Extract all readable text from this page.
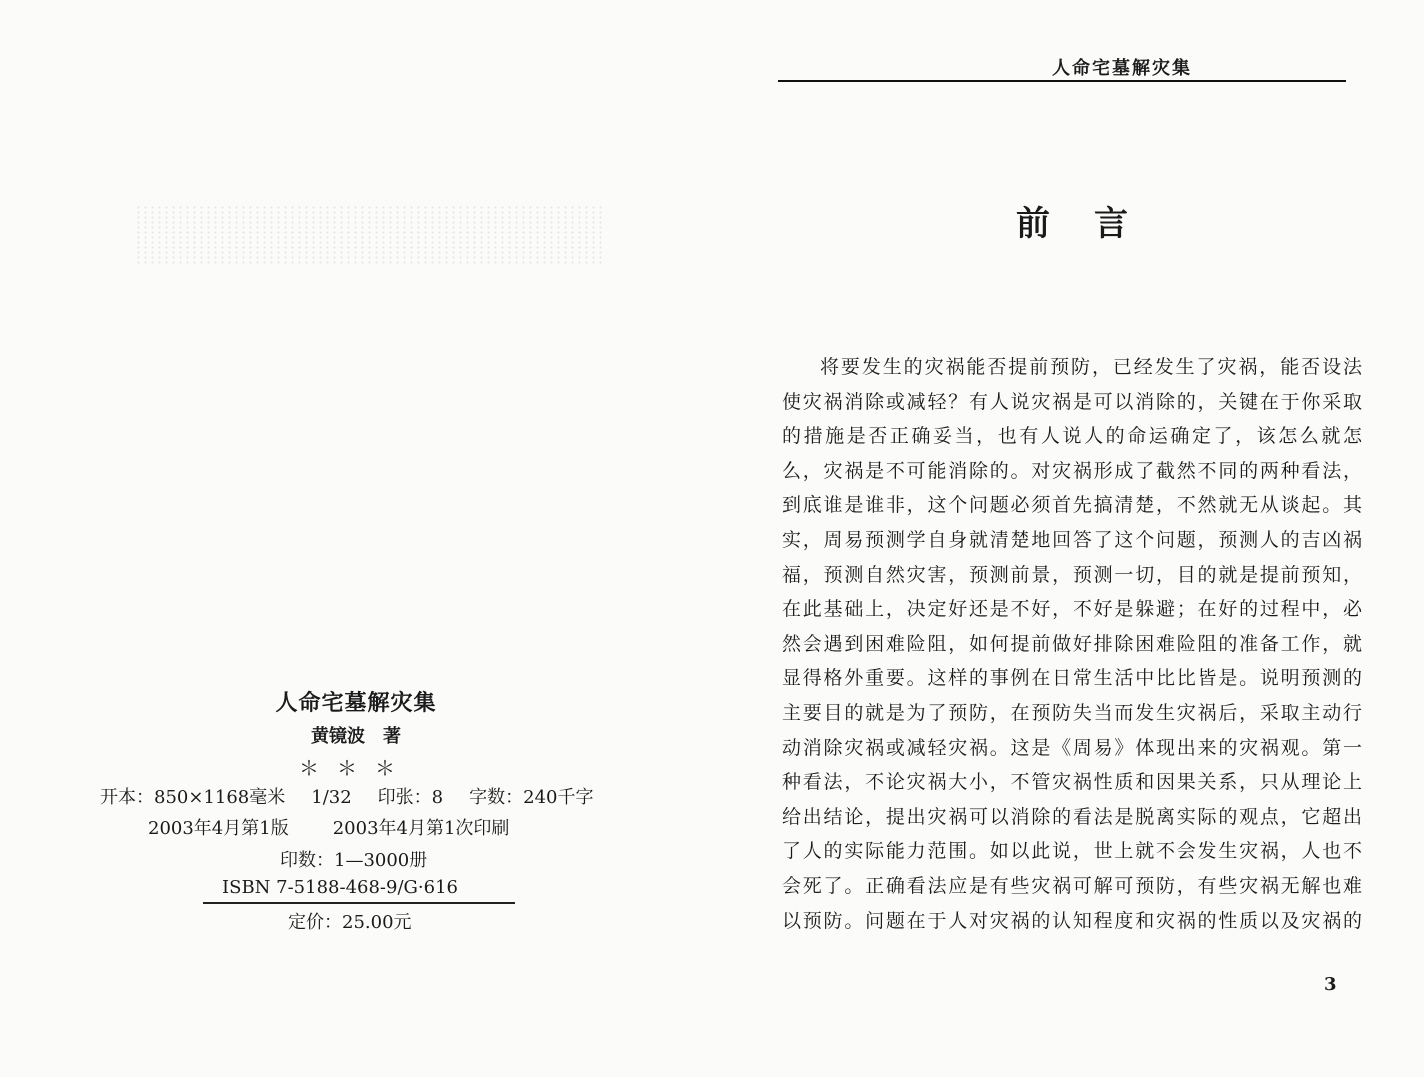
人命宅墓解灾集
黄镜波　著
＊＊＊
开本：850×1168毫米 1/32 印张：8 字数：240千字
2003年4月第1版 2003年4月第1次印刷
印数：1—3000册
ISBN 7-5188-468-9/G·616
定价：25.00元
人命宅墓解灾集
前言
将要发生的灾祸能否提前预防，已经发生了灾祸，能否设法
使灾祸消除或减轻？有人说灾祸是可以消除的，关键在于你采取
的措施是否正确妥当，也有人说人的命运确定了，该怎么就怎
么，灾祸是不可能消除的。对灾祸形成了截然不同的两种看法，
到底谁是谁非，这个问题必须首先搞清楚，不然就无从谈起。其
实，周易预测学自身就清楚地回答了这个问题，预测人的吉凶祸
福，预测自然灾害，预测前景，预测一切，目的就是提前预知，
在此基础上，决定好还是不好，不好是躲避；在好的过程中，必
然会遇到困难险阻，如何提前做好排除困难险阻的准备工作，就
显得格外重要。这样的事例在日常生活中比比皆是。说明预测的
主要目的就是为了预防，在预防失当而发生灾祸后，采取主动行
动消除灾祸或减轻灾祸。这是《周易》体现出来的灾祸观。第一
种看法，不论灾祸大小，不管灾祸性质和因果关系，只从理论上
给出结论，提出灾祸可以消除的看法是脱离实际的观点，它超出
了人的实际能力范围。如以此说，世上就不会发生灾祸，人也不
会死了。正确看法应是有些灾祸可解可预防，有些灾祸无解也难
以预防。问题在于人对灾祸的认知程度和灾祸的性质以及灾祸的
3
